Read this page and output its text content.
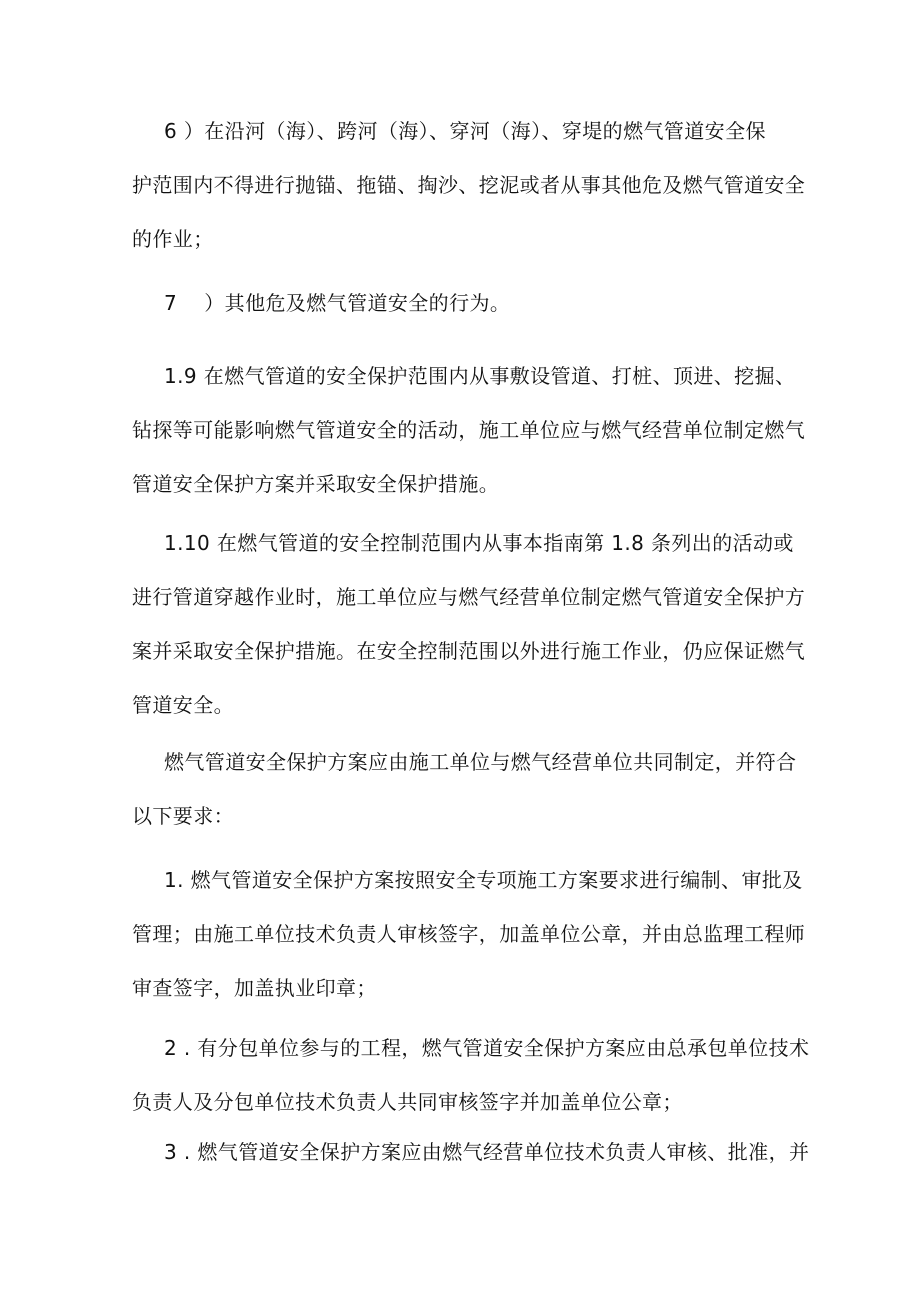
6 ）在沿河（海）、跨河（海）、穿河（海）、穿堤的燃气管道安全保
护范围内不得进行抛锚、拖锚、掏沙、挖泥或者从事其他危及燃气管道安全
的作业；
7　 ）其他危及燃气管道安全的行为。
1.9 在燃气管道的安全保护范围内从事敷设管道、打桩、顶进、挖掘、
钻探等可能影响燃气管道安全的活动，施工单位应与燃气经营单位制定燃气
管道安全保护方案并采取安全保护措施。
1.10 在燃气管道的安全控制范围内从事本指南第 1.8 条列出的活动或
进行管道穿越作业时，施工单位应与燃气经营单位制定燃气管道安全保护方
案并采取安全保护措施。在安全控制范围以外进行施工作业，仍应保证燃气
管道安全。
燃气管道安全保护方案应由施工单位与燃气经营单位共同制定，并符合
以下要求：
1. 燃气管道安全保护方案按照安全专项施工方案要求进行编制、审批及
管理；由施工单位技术负责人审核签字，加盖单位公章，并由总监理工程师
审查签字，加盖执业印章；
2 . 有分包单位参与的工程，燃气管道安全保护方案应由总承包单位技术
负责人及分包单位技术负责人共同审核签字并加盖单位公章；
3 . 燃气管道安全保护方案应由燃气经营单位技术负责人审核、批准，并
